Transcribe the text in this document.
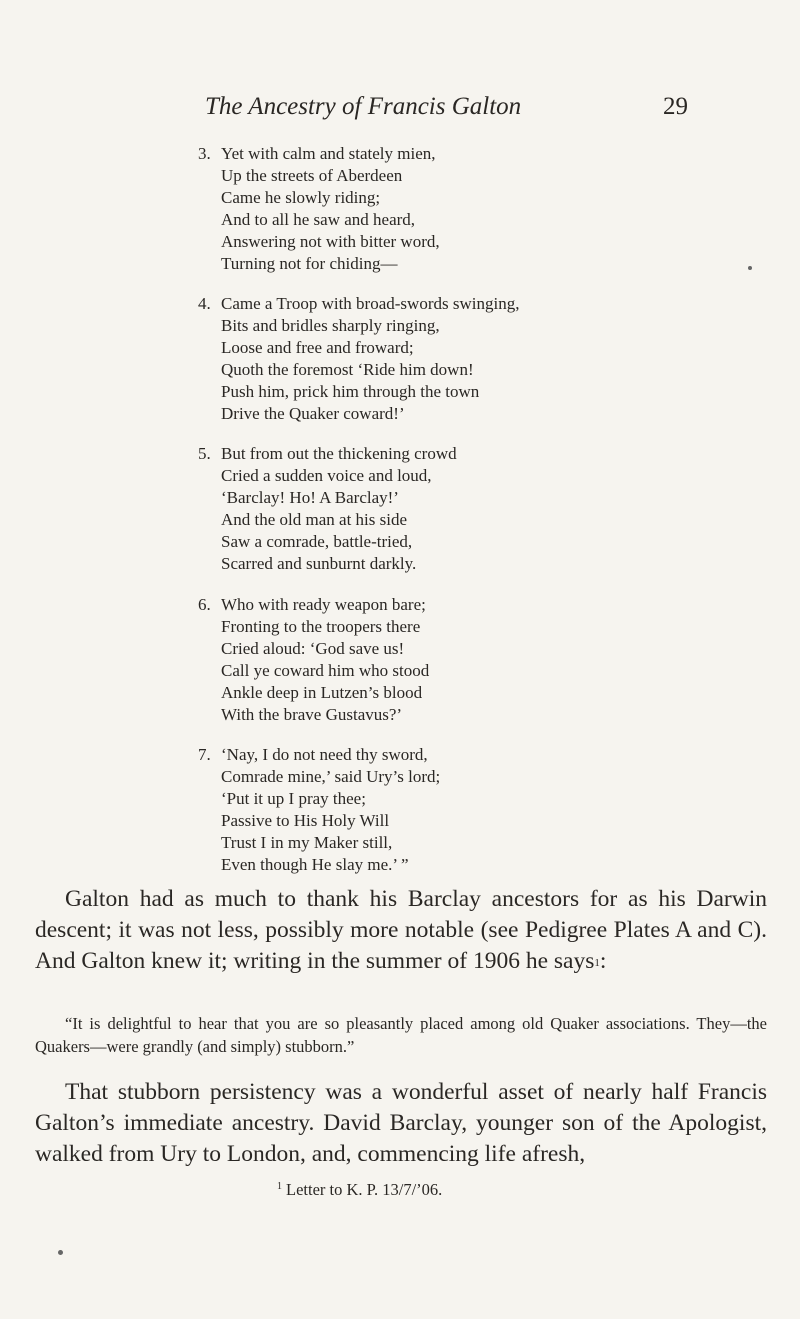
The Ancestry of Francis Galton	29
3. Yet with calm and stately mien,
Up the streets of Aberdeen
Came he slowly riding;
And to all he saw and heard,
Answering not with bitter word,
Turning not for chiding—
4. Came a Troop with broad-swords swinging,
Bits and bridles sharply ringing,
Loose and free and froward;
Quoth the foremost ‘Ride him down!
Push him, prick him through the town
Drive the Quaker coward!’
5. But from out the thickening crowd
Cried a sudden voice and loud,
‘Barclay! Ho! A Barclay!’
And the old man at his side
Saw a comrade, battle-tried,
Scarred and sunburnt darkly.
6. Who with ready weapon bare;
Fronting to the troopers there
Cried aloud: ‘God save us!
Call ye coward him who stood
Ankle deep in Lutzen’s blood
With the brave Gustavus?’
7. ‘Nay, I do not need thy sword,
Comrade mine,’ said Ury’s lord;
‘Put it up I pray thee;
Passive to His Holy Will
Trust I in my Maker still,
Even though He slay me.’ ”
Galton had as much to thank his Barclay ancestors for as his Darwin descent; it was not less, possibly more notable (see Pedigree Plates A and C). And Galton knew it; writing in the summer of 1906 he says$^1$:
“It is delightful to hear that you are so pleasantly placed among old Quaker associations. They—the Quakers—were grandly (and simply) stubborn.”
That stubborn persistency was a wonderful asset of nearly half Francis Galton’s immediate ancestry. David Barclay, younger son of the Apologist, walked from Ury to London, and, commencing life afresh,
$^1$ Letter to K. P. 13/7/’06.
